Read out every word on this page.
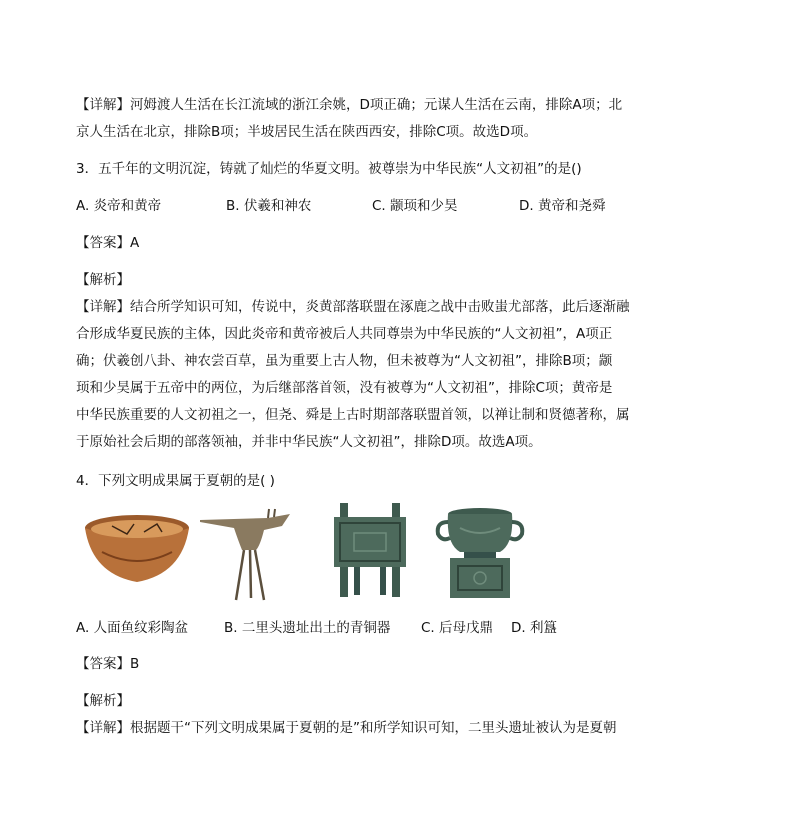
【详解】河姆渡人生活在长江流域的浙江余姚，D项正确；元谋人生活在云南，排除A项；北
京人生活在北京，排除B项；半坡居民生活在陕西西安，排除C项。故选D项。
3．五千年的文明沉淀，铸就了灿烂的华夏文明。被尊崇为中华民族“人文初祖”的是()
A. 炎帝和黄帝	B. 伏羲和神农	C. 颛顼和少昊	D. 黄帝和尧舜
【答案】A
【解析】
【详解】结合所学知识可知，传说中，炎黄部落联盟在涿鹿之战中击败蚩尤部落，此后逐渐融
合形成华夏民族的主体，因此炎帝和黄帝被后人共同尊崇为中华民族的“人文初祖”，A项正
确；伏羲创八卦、神农尝百草，虽为重要上古人物，但未被尊为“人文初祖”，排除B项；颛
顼和少昊属于五帝中的两位，为后继部落首领，没有被尊为“人文初祖”，排除C项；黄帝是
中华民族重要的人文初祖之一，但尧、舜是上古时期部落联盟首领，以禅让制和贤德著称，属
于原始社会后期的部落领袖，并非中华民族“人文初祖”，排除D项。故选A项。
4．下列文明成果属于夏朝的是( )
A. 人面鱼纹彩陶盆	B. 二里头遗址出土的青铜器 C. 后母戊鼎 D. 利簋
【答案】B
【解析】
【详解】根据题干“下列文明成果属于夏朝的是”和所学知识可知，二里头遗址被认为是夏朝
